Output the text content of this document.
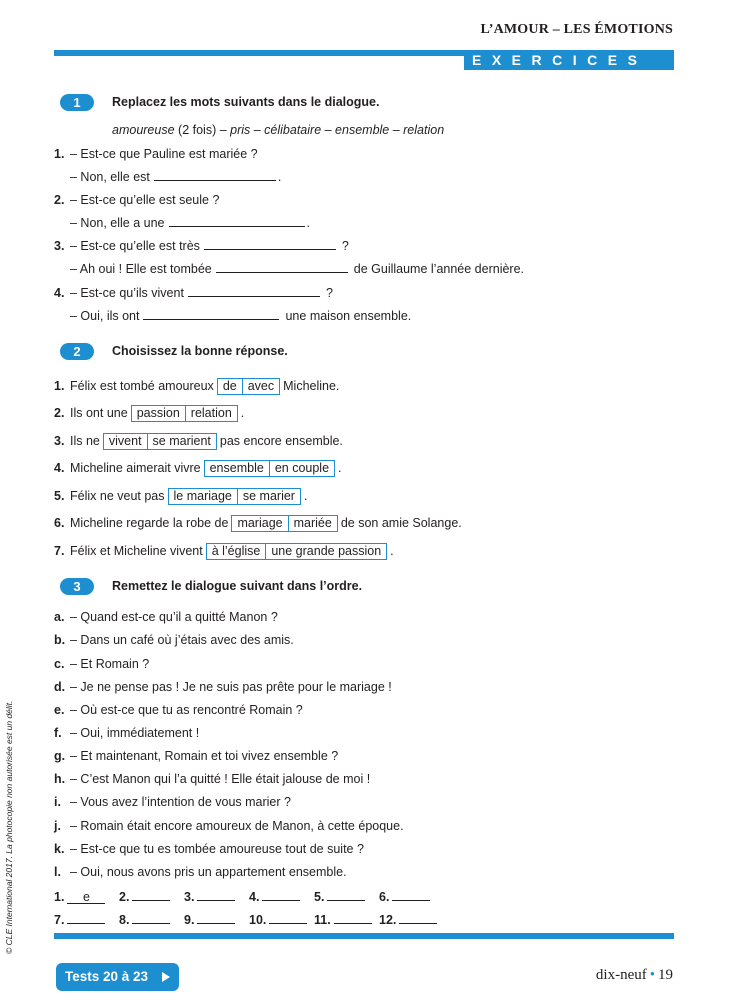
L’AMOUR – LES ÉMOTIONS
EXERCICES
1	Replacez les mots suivants dans le dialogue.
amoureuse (2 fois) – pris – célibataire – ensemble – relation
1. – Est-ce que Pauline est mariée ?
– Non, elle est	.
2. – Est-ce qu’elle est seule ?
– Non, elle a une	.
3. – Est-ce qu’elle est très	?
– Ah oui ! Elle est tombée	de Guillaume l’année dernière.
4. – Est-ce qu’ils vivent	?
– Oui, ils ont	une maison ensemble.
2	Choisissez la bonne réponse.
1. Félix est tombé amoureux de avec Micheline.
2. Ils ont une passion relation .
3. Ils ne vivent se marient pas encore ensemble.
4. Micheline aimerait vivre ensemble en couple .
5. Félix ne veut pas le mariage se marier .
6. Micheline regarde la robe de mariage mariée de son amie Solange.
7. Félix et Micheline vivent à l’église une grande passion .
3	Remettez le dialogue suivant dans l’ordre.
a. – Quand est-ce qu’il a quitté Manon ?
b. – Dans un café où j’étais avec des amis.
c. – Et Romain ?
d. – Je ne pense pas ! Je ne suis pas prête pour le mariage !
e. – Où est-ce que tu as rencontré Romain ?
f. – Oui, immédiatement !
g. – Et maintenant, Romain et toi vivez ensemble ?
h. – C’est Manon qui l’a quitté ! Elle était jalouse de moi !
i. – Vous avez l’intention de vous marier ?
j. – Romain était encore amoureux de Manon, à cette époque.
k. – Est-ce que tu es tombée amoureuse tout de suite ?
l. – Oui, nous avons pris un appartement ensemble.
1. e 2.	3.	4.	5.	6.
7.	8.	9.	10.	11.	12.
Tests 20 à 23	dix-neuf • 19
© CLE International 2017. La photocopie non autorisée est un délit.
